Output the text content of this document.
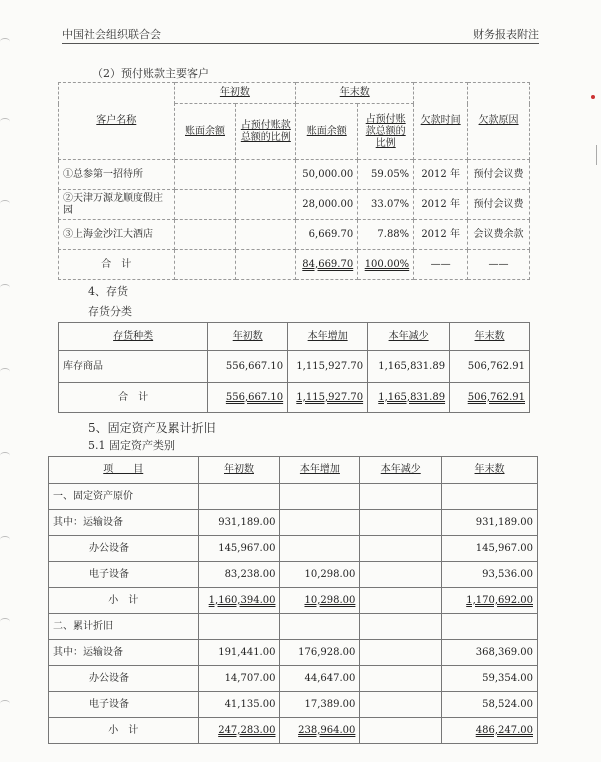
中国社会组织联合会	财务报表附注
（2）预付账款主要客户
客户名称	年初数		年末数		欠款时间	欠款原因
	账面余额	占预付账款总额的比例	账面余额	占预付账款总额的比例		
①总参第一招待所			50,000.00	59.05%	2012 年	预付会议费
②天津万源龙顺度假庄园			28,000.00	33.07%	2012 年	预付会议费
③上海金沙江大酒店			6,669.70	7.88%	2012 年	会议费余款
合　计			84,669.70	100.00%	——	——
4、存货
存货分类
存货种类	年初数	本年增加	本年减少	年末数
库存商品	556,667.10	1,115,927.70	1,165,831.89	506,762.91
合　计	556,667.10	1,115,927.70	1,165,831.89	506,762.91
5、固定资产及累计折旧
5.1 固定资产类别
项　　目	年初数	本年增加	本年减少	年末数
一、固定资产原价				
其中：运输设备	931,189.00			931,189.00
办公设备	145,967.00			145,967.00
电子设备	83,238.00	10,298.00		93,536.00
小　计	1,160,394.00	10,298.00		1,170,692.00
二、累计折旧				
其中：运输设备	191,441.00	176,928.00		368,369.00
办公设备	14,707.00	44,647.00		59,354.00
电子设备	41,135.00	17,389.00		58,524.00
小　计	247,283.00	238,964.00		486,247.00
